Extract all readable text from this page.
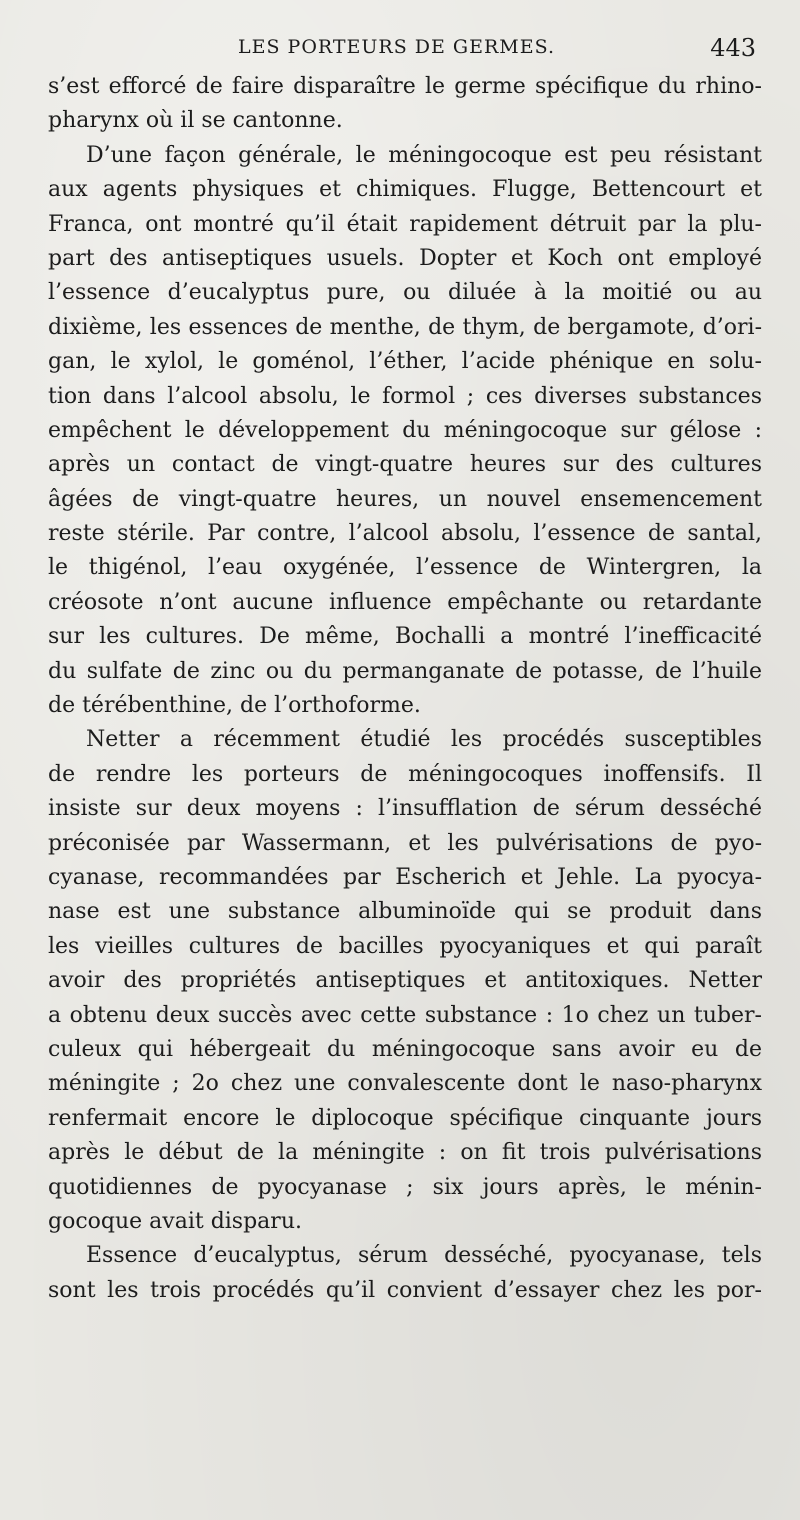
LES PORTEURS DE GERMES.	443
s’est efforcé de faire disparaître le germe spécifique du rhino-
pharynx où il se cantonne.
D’une façon générale, le méningocoque est peu résistant
aux agents physiques et chimiques. Flugge, Bettencourt et
Franca, ont montré qu’il était rapidement détruit par la plu-
part des antiseptiques usuels. Dopter et Koch ont employé
l’essence d’eucalyptus pure, ou diluée à la moitié ou au
dixième, les essences de menthe, de thym, de bergamote, d’ori-
gan, le xylol, le goménol, l’éther, l’acide phénique en solu-
tion dans l’alcool absolu, le formol ; ces diverses substances
empêchent le développement du méningocoque sur gélose :
après un contact de vingt-quatre heures sur des cultures
âgées de vingt-quatre heures, un nouvel ensemencement
reste stérile. Par contre, l’alcool absolu, l’essence de santal,
le thigénol, l’eau oxygénée, l’essence de Wintergren, la
créosote n’ont aucune influence empêchante ou retardante
sur les cultures. De même, Bochalli a montré l’inefficacité
du sulfate de zinc ou du permanganate de potasse, de l’huile
de térébenthine, de l’orthoforme.
Netter a récemment étudié les procédés susceptibles
de rendre les porteurs de méningocoques inoffensifs. Il
insiste sur deux moyens : l’insufflation de sérum desséché
préconisée par Wassermann, et les pulvérisations de pyo-
cyanase, recommandées par Escherich et Jehle. La pyocya-
nase est une substance albuminoïde qui se produit dans
les vieilles cultures de bacilles pyocyaniques et qui paraît
avoir des propriétés antiseptiques et antitoxiques. Netter
a obtenu deux succès avec cette substance : 1o chez un tuber-
culeux qui hébergeait du méningocoque sans avoir eu de
méningite ; 2o chez une convalescente dont le naso-pharynx
renfermait encore le diplocoque spécifique cinquante jours
après le début de la méningite : on fit trois pulvérisations
quotidiennes de pyocyanase ; six jours après, le ménin-
gocoque avait disparu.
Essence d’eucalyptus, sérum desséché, pyocyanase, tels
sont les trois procédés qu’il convient d’essayer chez les por-
